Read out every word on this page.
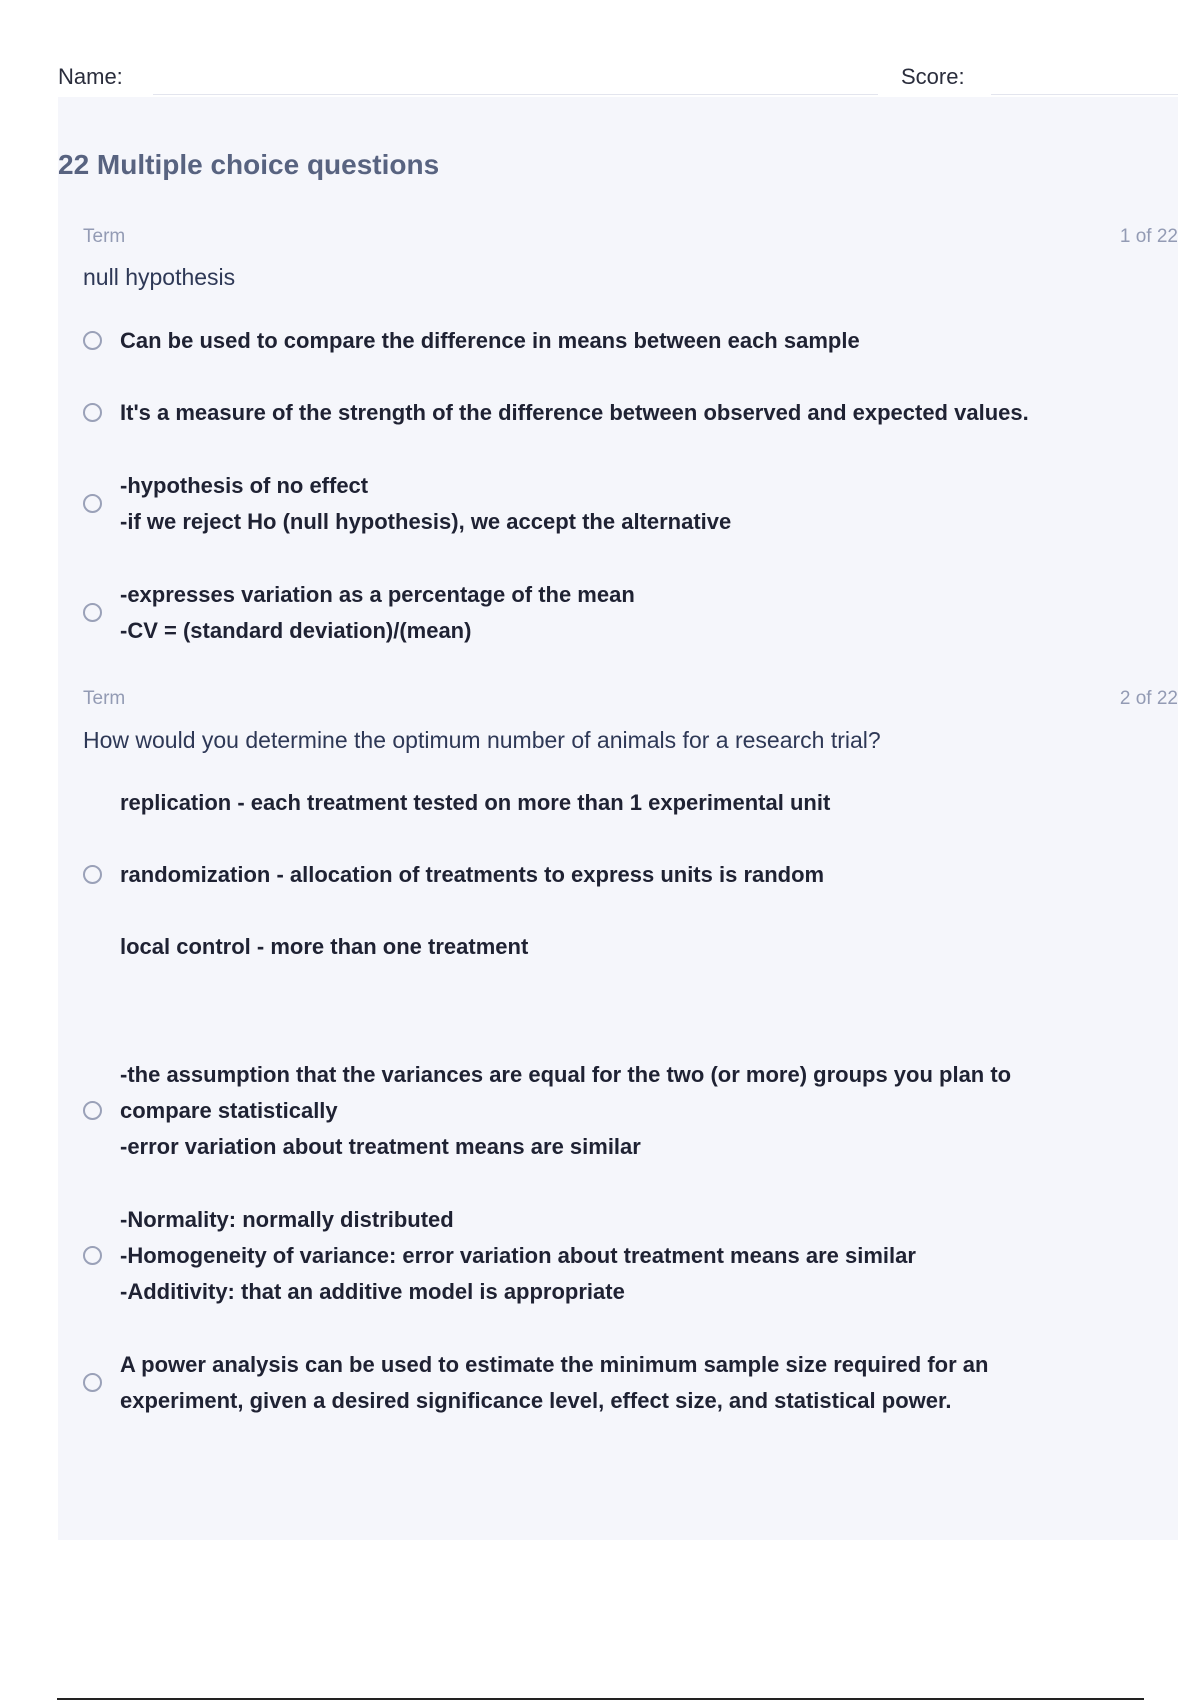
Name:	Score:
22 Multiple choice questions
Term	1 of 22
null hypothesis
Can be used to compare the difference in means between each sample
It's a measure of the strength of the difference between observed and expected values.
-hypothesis of no effect
-if we reject Ho (null hypothesis), we accept the alternative
-expresses variation as a percentage of the mean
-CV = (standard deviation)/(mean)
Term	2 of 22
How would you determine the optimum number of animals for a research trial?
replication - each treatment tested on more than 1 experimental unit
randomization - allocation of treatments to express units is random
local control - more than one treatment
-the assumption that the variances are equal for the two (or more) groups you plan to
compare statistically
-error variation about treatment means are similar
-Normality: normally distributed
-Homogeneity of variance: error variation about treatment means are similar
-Additivity: that an additive model is appropriate
A power analysis can be used to estimate the minimum sample size required for an
experiment, given a desired significance level, effect size, and statistical power.
